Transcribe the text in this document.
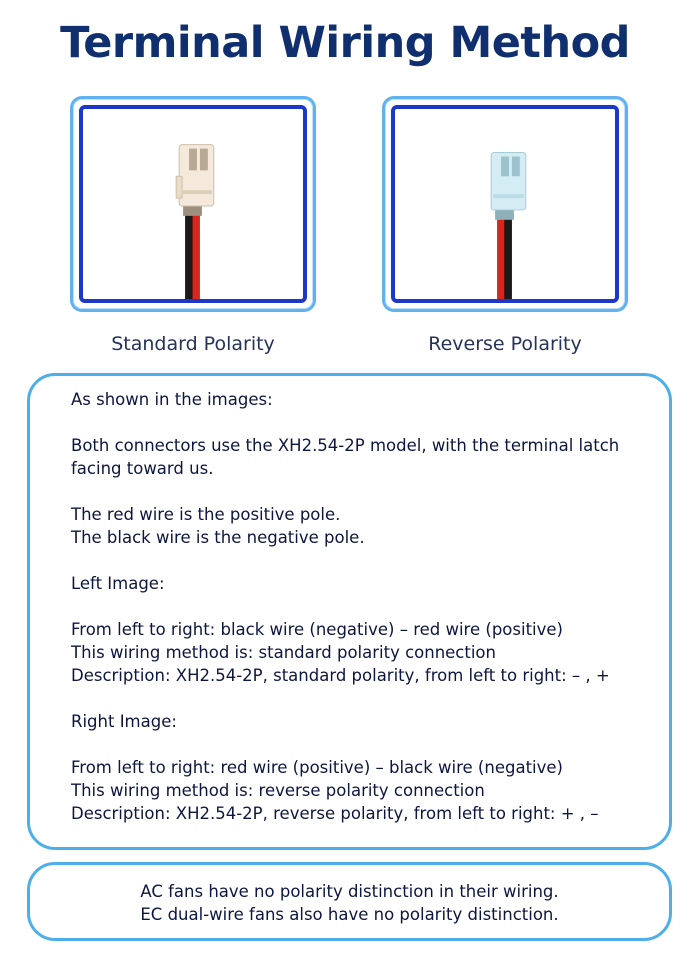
Terminal Wiring Method
Standard Polarity	Reverse Polarity

As shown in the images:

Both connectors use the XH2.54-2P model, with the terminal latch

facing toward us.

The red wire is the positive pole.

The black wire is the negative pole.

Left Image:

From left to right: black wire (negative) – red wire (positive)

This wiring method is: standard polarity connection

Description: XH2.54-2P, standard polarity, from left to right: – , +

Right Image:

From left to right: red wire (positive) – black wire (negative)

This wiring method is: reverse polarity connection

Description: XH2.54-2P, reverse polarity, from left to right: + , –

AC fans have no polarity distinction in their wiring.

EC dual-wire fans also have no polarity distinction.
